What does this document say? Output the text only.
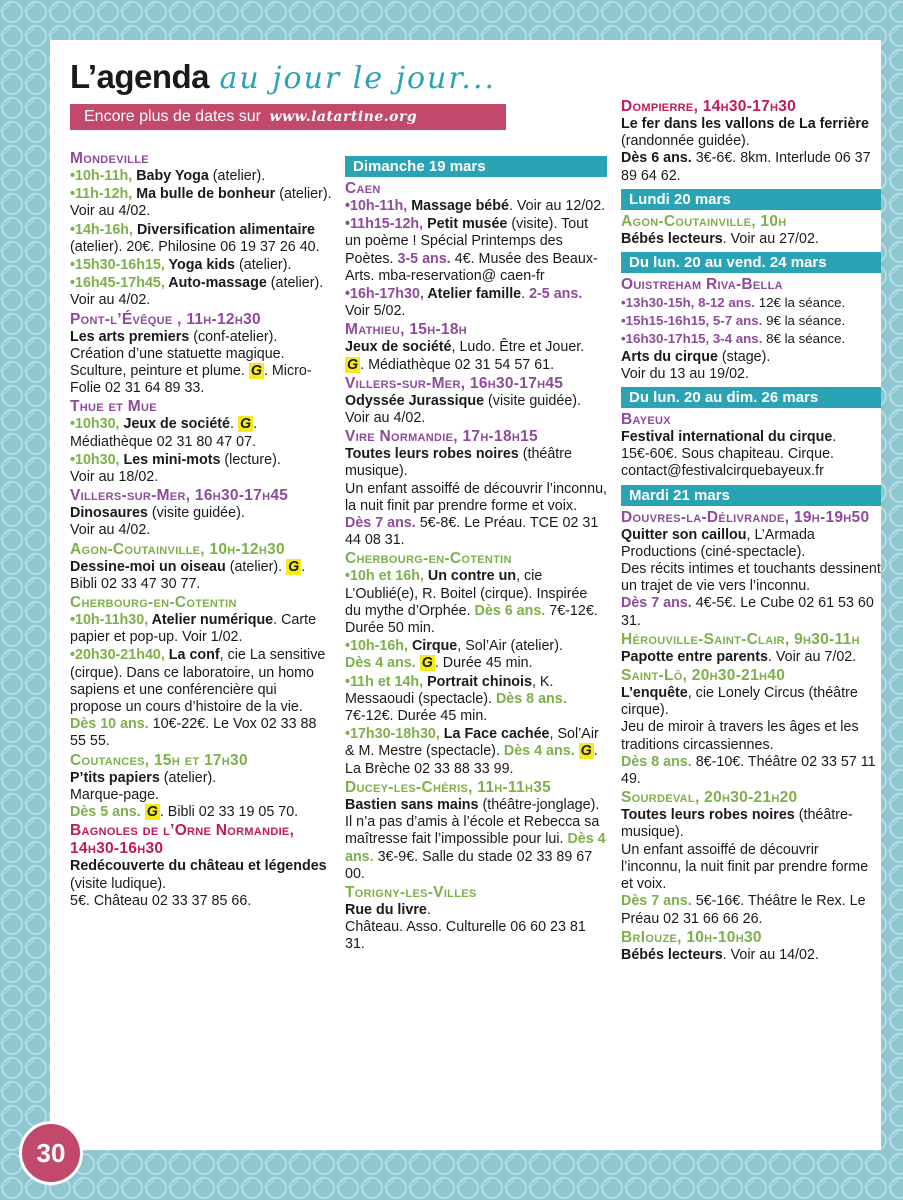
L’agenda au jour le jour...
Encore plus de dates sur www.latartine.org
Mondeville
•10h-11h, Baby Yoga (atelier).
•11h-12h, Ma bulle de bonheur (atelier).
Voir au 4/02.
•14h-16h, Diversification alimentaire (atelier). 20€. Philosine 06 19 37 26 40.
•15h30-16h15, Yoga kids (atelier).
•16h45-17h45, Auto-massage (atelier).
Voir au 4/02.
Pont-l’Évêque , 11h-12h30
Les arts premiers (conf-atelier). Création d’une statuette magique. Sculture, peinture et plume. G . Micro-Folie 02 31 64 89 33.
Thue et Mue
•10h30, Jeux de société. G . Médiathèque 02 31 80 47 07.
•10h30, Les mini-mots (lecture).
Voir au 18/02.
Villers-sur-Mer, 16h30-17h45
Dinosaures (visite guidée).
Voir au 4/02.
Agon-Coutainville, 10h-12h30
Dessine-moi un oiseau (atelier). G . Bibli 02 33 47 30 77.
Cherbourg-en-Cotentin
•10h-11h30, Atelier numérique. Carte papier et pop-up. Voir 1/02.
•20h30-21h40, La conf, cie La sensitive (cirque). Dans ce laboratoire, un homo sapiens et une conférencière qui propose un cours d’histoire de la vie. Dès 10 ans. 10€-22€. Le Vox 02 33 88 55 55.
Coutances, 15h et 17h30
P’tits papiers (atelier).
Marque-page.
Dès 5 ans. G . Bibli 02 33 19 05 70.
Bagnoles de l’Orne Normandie, 14h30-16h30
Redécouverte du château et légendes (visite ludique).
5€. Château 02 33 37 85 66.
Dimanche 19 mars
Caen
•10h-11h, Massage bébé. Voir au 12/02.
•11h15-12h, Petit musée (visite). Tout un poème ! Spécial Printemps des Poètes. 3-5 ans. 4€. Musée des Beaux-Arts. mba-reservation@ caen-fr
•16h-17h30, Atelier famille. 2-5 ans. Voir 5/02.
Mathieu, 15h-18h
Jeux de société, Ludo. Être et Jouer. G . Médiathèque 02 31 54 57 61.
Villers-sur-Mer, 16h30-17h45
Odyssée Jurassique (visite guidée).
Voir au 4/02.
Vire Normandie, 17h-18h15
Toutes leurs robes noires (théâtre musique).
Un enfant assoiffé de découvrir l’inconnu, la nuit finit par prendre forme et voix.
Dès 7 ans. 5€-8€. Le Préau. TCE 02 31 44 08 31.
Cherbourg-en-Cotentin
•10h et 16h, Un contre un, cie L’Oublié(e), R. Boitel (cirque). Inspirée du mythe d’Orphée. Dès 6 ans. 7€-12€. Durée 50 min.
•10h-16h, Cirque, Sol’Air (atelier).
Dès 4 ans. G . Durée 45 min.
•11h et 14h, Portrait chinois, K. Messaoudi (spectacle). Dès 8 ans. 7€-12€. Durée 45 min.
•17h30-18h30, La Face cachée, Sol’Air & M. Mestre (spectacle). Dès 4 ans. G .
La Brèche 02 33 88 33 99.
Ducey-les-Chéris, 11h-11h35
Bastien sans mains (théâtre-jonglage). Il n’a pas d’amis à l’école et Rebecca sa maîtresse fait l’impossible pour lui. Dès 4 ans. 3€-9€. Salle du stade 02 33 89 67 00.
Torigny-les-Villes
Rue du livre.
Château. Asso. Culturelle 06 60 23 81 31.
Dompierre, 14h30-17h30
Le fer dans les vallons de La ferrière (randonnée guidée).
Dès 6 ans. 3€-6€. 8km. Interlude 06 37 89 64 62.
Lundi 20 mars
Agon-Coutainville, 10h
Bébés lecteurs. Voir au 27/02.
Du lun. 20 au vend. 24 mars
Ouistreham Riva-Bella
•13h30-15h, 8-12 ans. 12€ la séance.
•15h15-16h15, 5-7 ans. 9€ la séance.
•16h30-17h15, 3-4 ans. 8€ la séance.
Arts du cirque (stage).
Voir du 13 au 19/02.
Du lun. 20 au dim. 26 mars
Bayeux
Festival international du cirque.
15€-60€. Sous chapiteau. Cirque. contact@festivalcirquebayeux.fr
Mardi 21 mars
Douvres-la-Délivrande, 19h-19h50
Quitter son caillou, L’Armada Productions (ciné-spectacle).
Des récits intimes et touchants dessinent un trajet de vie vers l’inconnu.
Dès 7 ans. 4€-5€. Le Cube 02 61 53 60 31.
Hérouville-Saint-Clair, 9h30-11h
Papotte entre parents. Voir au 7/02.
Saint-Lô, 20h30-21h40
L’enquête, cie Lonely Circus (théâtre cirque).
Jeu de miroir à travers les âges et les traditions circassiennes.
Dès 8 ans. 8€-10€. Théâtre 02 33 57 11 49.
Sourdeval, 20h30-21h20
Toutes leurs robes noires (théâtre-musique).
Un enfant assoiffé de découvrir l’inconnu, la nuit finit par prendre forme et voix.
Dès 7 ans. 5€-16€. Théâtre le Rex. Le Préau 02 31 66 66 26.
BrIouze, 10h-10h30
Bébés lecteurs. Voir au 14/02.
30
